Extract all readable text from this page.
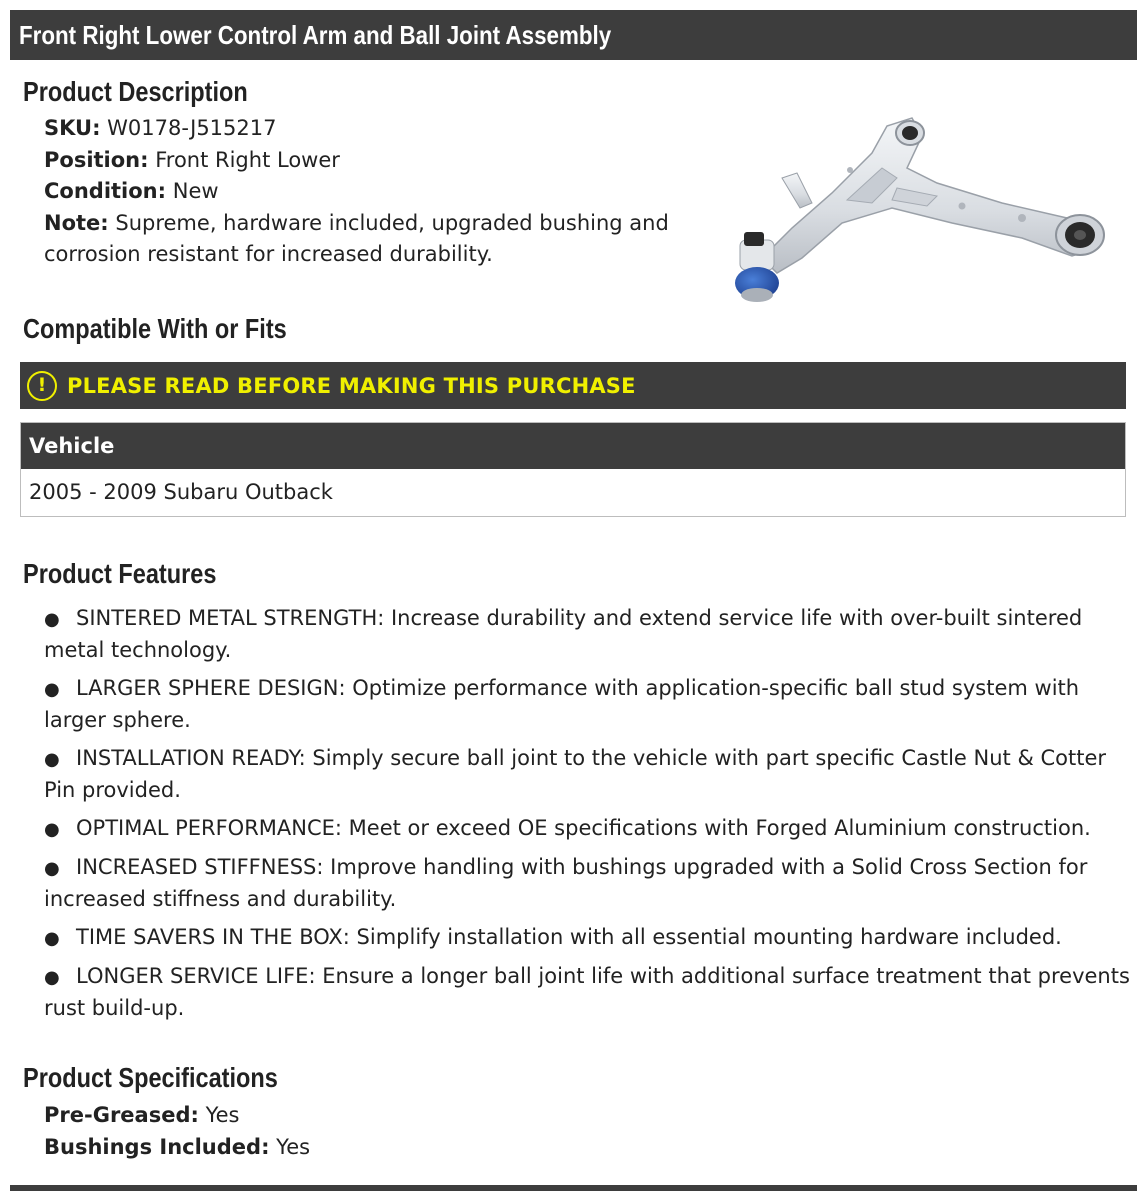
Front Right Lower Control Arm and Ball Joint Assembly
Product Description
SKU: W0178-J515217
Position: Front Right Lower
Condition: New
Note: Supreme, hardware included, upgraded bushing and corrosion resistant for increased durability.
Compatible With or Fits
! PLEASE READ BEFORE MAKING THIS PURCHASE
Vehicle
2005 - 2009 Subaru Outback
Product Features
● SINTERED METAL STRENGTH: Increase durability and extend service life with over-built sintered metal technology.
● LARGER SPHERE DESIGN: Optimize performance with application-specific ball stud system with larger sphere.
● INSTALLATION READY: Simply secure ball joint to the vehicle with part specific Castle Nut & Cotter Pin provided.
● OPTIMAL PERFORMANCE: Meet or exceed OE specifications with Forged Aluminium construction.
● INCREASED STIFFNESS: Improve handling with bushings upgraded with a Solid Cross Section for increased stiffness and durability.
● TIME SAVERS IN THE BOX: Simplify installation with all essential mounting hardware included.
● LONGER SERVICE LIFE: Ensure a longer ball joint life with additional surface treatment that prevents rust build-up.
Product Specifications
Pre-Greased: Yes
Bushings Included: Yes
